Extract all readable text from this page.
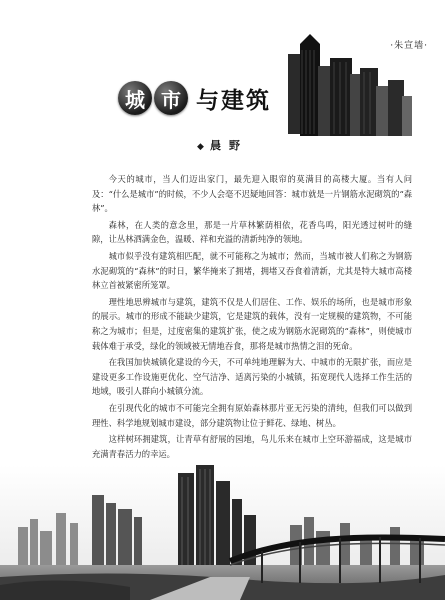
·朱宣墙·
城 市 与建筑
◆ 晨野

今天的城市，当人们迈出家门，最先迎入眼帘的莫满目的高楼大厦。当有人问及：“什么是城市”的时候，不少人会毫不迟疑地回答：城市就是一片钢筋水泥砌筑的“森林”。

森林，在人类的意念里，那是一片草林繁荫相依，花香鸟鸣，阳光透过树叶的缝隙，让丛林洒满金色，温暖、祥和充溢的清新纯净的领地。

城市似乎没有建筑相匹配，就不可能称之为城市；然而，当城市被人们称之为钢筋水泥砌筑的“森林”的时日，繁华掩来了拥堵，拥堵又吞食着清新，尤其是特大城市高楼林立首被紧密所笼罩。

理性地思辨城市与建筑，建筑不仅是人们居住、工作、娱乐的场所，也是城市形象的展示。城市的形成不能缺少建筑，它是建筑的载体，没有一定规模的建筑物，不可能称之为城市；但是，过度密集的建筑扩张，使之成为钢筋水泥砌筑的“森林”，则使城市载体难于承受，绿化的领域被无情地吞食，那将是城市热情之泪的死命。

在我国加快城镇化建设的今天，不可单纯地理解为大、中城市的无限扩张，而应是建设更多工作设施更优化、空气洁净、适离污染的小城镇，拓宽现代人选择工作生活的地域，吸引人群向小城镇分流。

在引现代化的城市不可能完全拥有原始森林那片亚无污染的清纯，但我们可以做到理性、科学地规划城市建设，部分建筑物让位于鲜花、绿地、树丛。

这样树环拥建筑，让青草有舒展的园地，鸟儿乐来在城市上空环游福成，这是城市充满青春活力的幸运。
